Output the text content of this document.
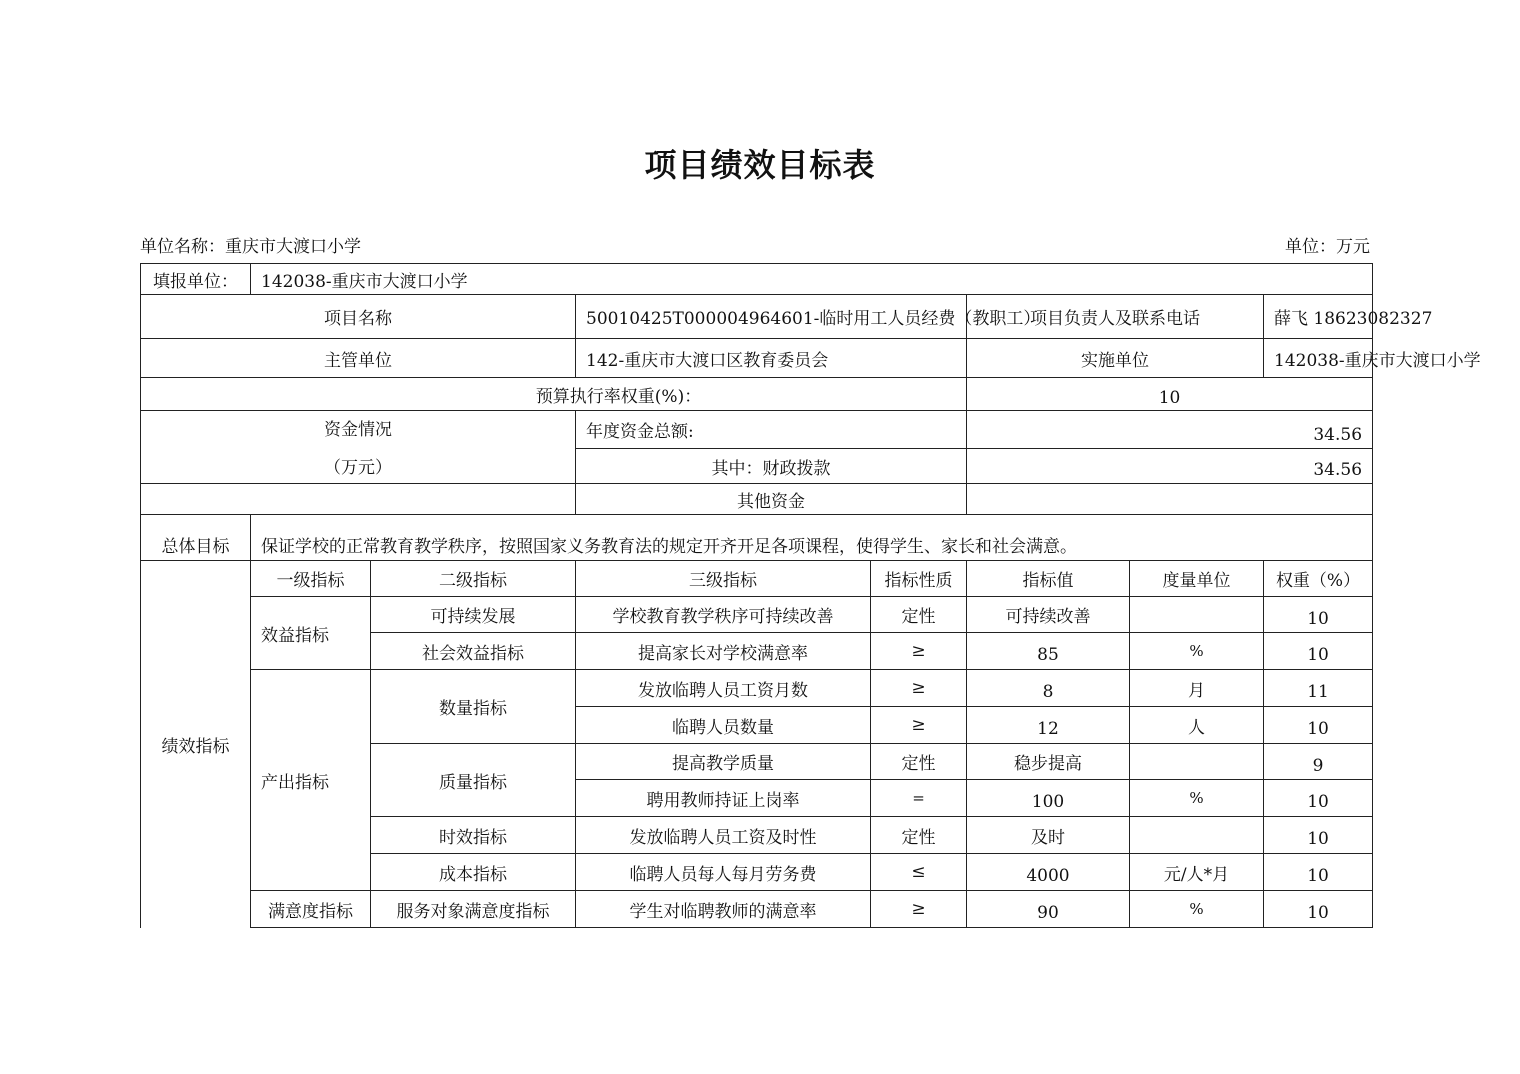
项目绩效目标表
单位名称：重庆市大渡口小学	单位：万元
填报单位：	142038-重庆市大渡口小学						
项目名称			50010425T000004964601-临时用工人员经费（教职工）		项目负责人及联系电话		薛飞 18623082327
主管单位			142-重庆市大渡口区教育委员会		实施单位		142038-重庆市大渡口小学
预算执行率权重(%)：					10		
资金情况			年度资金总额:		34.56		
（万元）			其中：财政拨款		34.56		
			其他资金				
总体目标	保证学校的正常教育教学秩序，按照国家义务教育法的规定开齐开足各项课程，使得学生、家长和社会满意。						
绩效指标	一级指标	二级指标	三级指标	指标性质	指标值	度量单位	权重（%）
	效益指标	可持续发展	学校教育教学秩序可持续改善	定性	可持续改善		10
		社会效益指标	提高家长对学校满意率	≥	85	%	10
	产出指标	数量指标	发放临聘人员工资月数	≥	8	月	11
			临聘人员数量	≥	12	人	10
		质量指标	提高教学质量	定性	稳步提高		9
			聘用教师持证上岗率	=	100	%	10
		时效指标	发放临聘人员工资及时性	定性	及时		10
		成本指标	临聘人员每人每月劳务费	≤	4000	元/人*月	10
	满意度指标	服务对象满意度指标	学生对临聘教师的满意率	≥	90	%	10
